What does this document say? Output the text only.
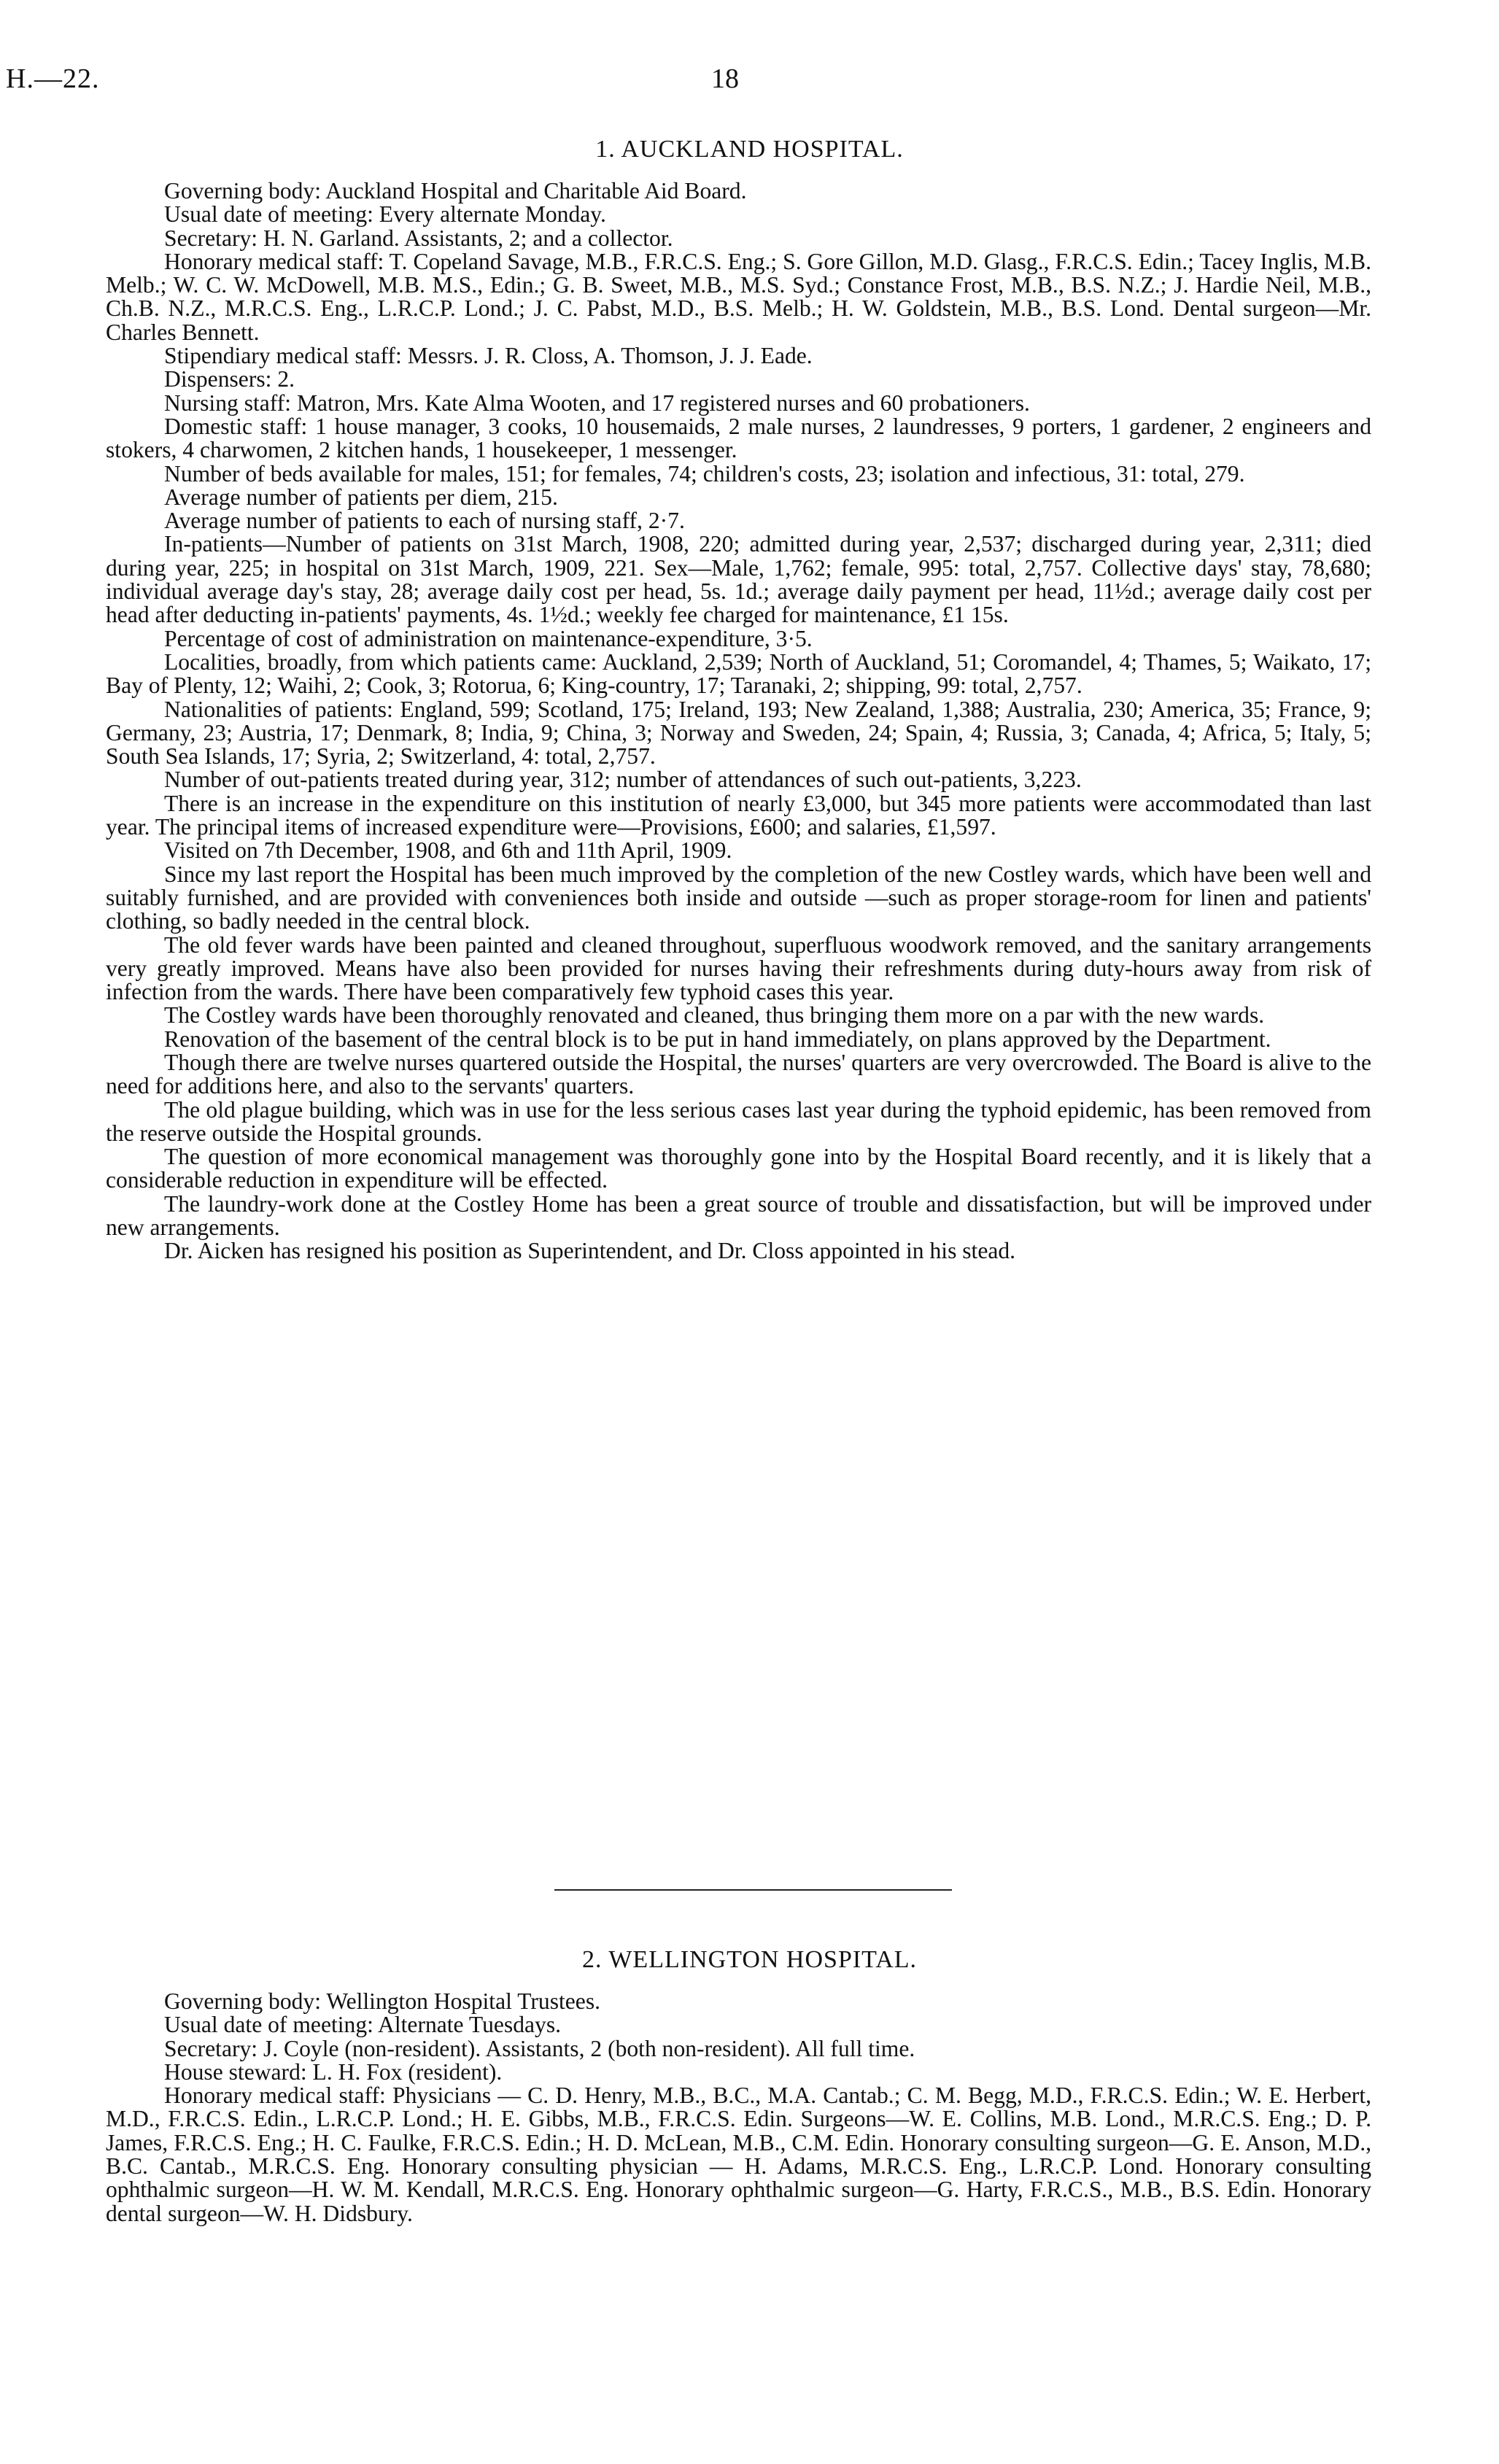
H.—22.	18
1. AUCKLAND HOSPITAL.

Governing body: Auckland Hospital and Charitable Aid Board.

Usual date of meeting: Every alternate Monday.

Secretary: H. N. Garland. Assistants, 2; and a collector.

Honorary medical staff: T. Copeland Savage, M.B., F.R.C.S. Eng.; S. Gore Gillon, M.D. Glasg., F.R.C.S. Edin.; Tacey Inglis, M.B. Melb.; W. C. W. McDowell, M.B. M.S., Edin.; G. B. Sweet, M.B., M.S. Syd.; Constance Frost, M.B., B.S. N.Z.; J. Hardie Neil, M.B., Ch.B. N.Z., M.R.C.S. Eng., L.R.C.P. Lond.; J. C. Pabst, M.D., B.S. Melb.; H. W. Goldstein, M.B., B.S. Lond. Dental surgeon—Mr. Charles Bennett.

Stipendiary medical staff: Messrs. J. R. Closs, A. Thomson, J. J. Eade.

Dispensers: 2.

Nursing staff: Matron, Mrs. Kate Alma Wooten, and 17 registered nurses and 60 probationers.

Domestic staff: 1 house manager, 3 cooks, 10 housemaids, 2 male nurses, 2 laundresses, 9 porters, 1 gardener, 2 engineers and stokers, 4 charwomen, 2 kitchen hands, 1 housekeeper, 1 messenger.

Number of beds available for males, 151; for females, 74; children's costs, 23; isolation and infectious, 31: total, 279.

Average number of patients per diem, 215.

Average number of patients to each of nursing staff, 2·7.

In-patients—Number of patients on 31st March, 1908, 220; admitted during year, 2,537; discharged during year, 2,311; died during year, 225; in hospital on 31st March, 1909, 221. Sex—Male, 1,762; female, 995: total, 2,757. Collective days' stay, 78,680; individual average day's stay, 28; average daily cost per head, 5s. 1d.; average daily payment per head, 11½d.; average daily cost per head after deducting in-patients' payments, 4s. 1½d.; weekly fee charged for maintenance, £1 15s.

Percentage of cost of administration on maintenance-expenditure, 3·5.

Localities, broadly, from which patients came: Auckland, 2,539; North of Auckland, 51; Coromandel, 4; Thames, 5; Waikato, 17; Bay of Plenty, 12; Waihi, 2; Cook, 3; Rotorua, 6; King-country, 17; Taranaki, 2; shipping, 99: total, 2,757.

Nationalities of patients: England, 599; Scotland, 175; Ireland, 193; New Zealand, 1,388; Australia, 230; America, 35; France, 9; Germany, 23; Austria, 17; Denmark, 8; India, 9; China, 3; Norway and Sweden, 24; Spain, 4; Russia, 3; Canada, 4; Africa, 5; Italy, 5; South Sea Islands, 17; Syria, 2; Switzerland, 4: total, 2,757.

Number of out-patients treated during year, 312; number of attendances of such out-patients, 3,223.

There is an increase in the expenditure on this institution of nearly £3,000, but 345 more patients were accommodated than last year. The principal items of increased expenditure were—Provisions, £600; and salaries, £1,597.

Visited on 7th December, 1908, and 6th and 11th April, 1909.

Since my last report the Hospital has been much improved by the completion of the new Costley wards, which have been well and suitably furnished, and are provided with conveniences both inside and outside —such as proper storage-room for linen and patients' clothing, so badly needed in the central block.

The old fever wards have been painted and cleaned throughout, superfluous woodwork removed, and the sanitary arrangements very greatly improved. Means have also been provided for nurses having their refreshments during duty-hours away from risk of infection from the wards. There have been comparatively few typhoid cases this year.

The Costley wards have been thoroughly renovated and cleaned, thus bringing them more on a par with the new wards.

Renovation of the basement of the central block is to be put in hand immediately, on plans approved by the Department.

Though there are twelve nurses quartered outside the Hospital, the nurses' quarters are very overcrowded. The Board is alive to the need for additions here, and also to the servants' quarters.

The old plague building, which was in use for the less serious cases last year during the typhoid epidemic, has been removed from the reserve outside the Hospital grounds.

The question of more economical management was thoroughly gone into by the Hospital Board recently, and it is likely that a considerable reduction in expenditure will be effected.

The laundry-work done at the Costley Home has been a great source of trouble and dissatisfaction, but will be improved under new arrangements.

Dr. Aicken has resigned his position as Superintendent, and Dr. Closs appointed in his stead.

2. WELLINGTON HOSPITAL.

Governing body: Wellington Hospital Trustees.

Usual date of meeting: Alternate Tuesdays.

Secretary: J. Coyle (non-resident). Assistants, 2 (both non-resident). All full time.

House steward: L. H. Fox (resident).

Honorary medical staff: Physicians — C. D. Henry, M.B., B.C., M.A. Cantab.; C. M. Begg, M.D., F.R.C.S. Edin.; W. E. Herbert, M.D., F.R.C.S. Edin., L.R.C.P. Lond.; H. E. Gibbs, M.B., F.R.C.S. Edin. Surgeons—W. E. Collins, M.B. Lond., M.R.C.S. Eng.; D. P. James, F.R.C.S. Eng.; H. C. Faulke, F.R.C.S. Edin.; H. D. McLean, M.B., C.M. Edin. Honorary consulting surgeon—G. E. Anson, M.D., B.C. Cantab., M.R.C.S. Eng. Honorary consulting physician — H. Adams, M.R.C.S. Eng., L.R.C.P. Lond. Honorary consulting ophthalmic surgeon—H. W. M. Kendall, M.R.C.S. Eng. Honorary ophthalmic surgeon—G. Harty, F.R.C.S., M.B., B.S. Edin. Honorary dental surgeon—W. H. Didsbury.
